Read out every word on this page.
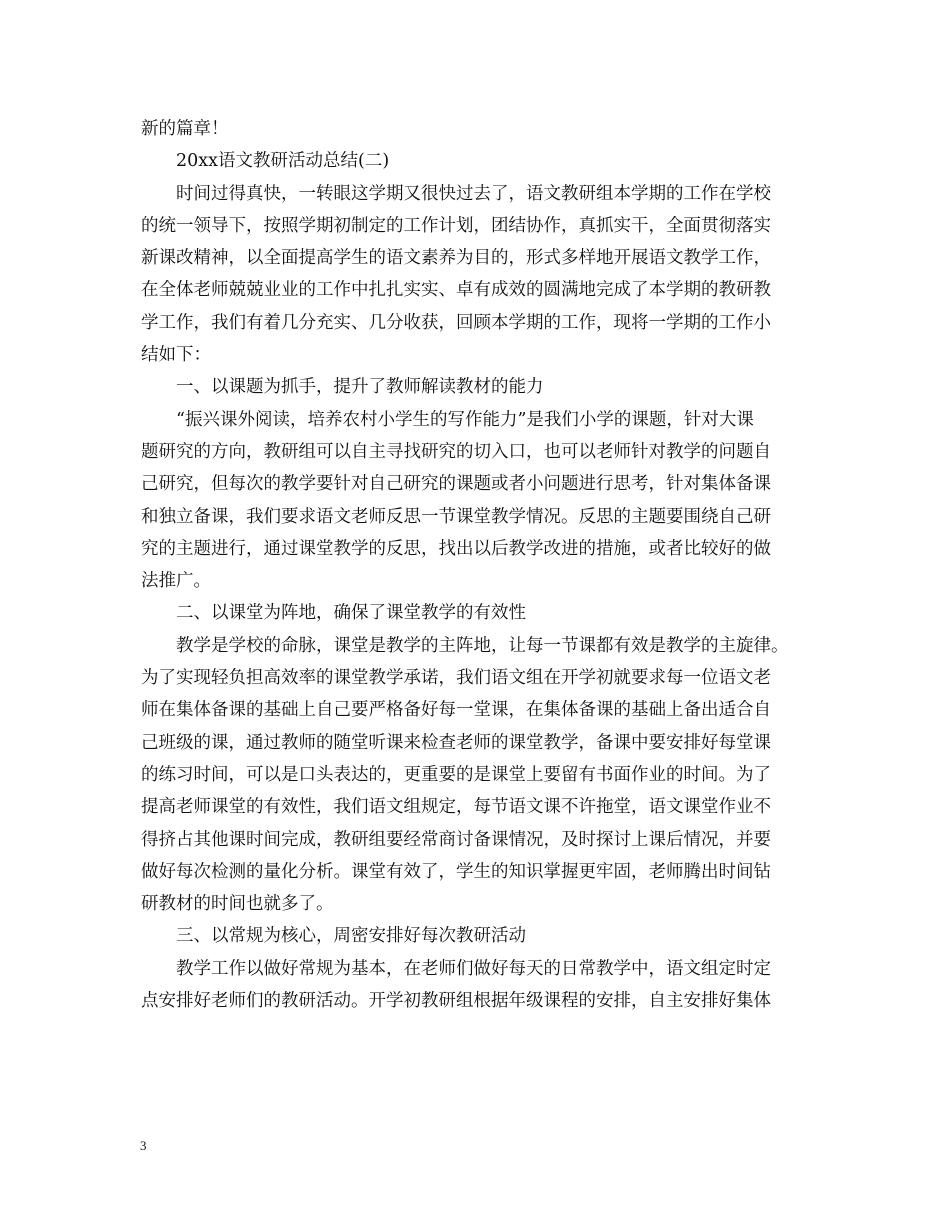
新的篇章！
20xx语文教研活动总结(二)
时间过得真快，一转眼这学期又很快过去了，语文教研组本学期的工作在学校
的统一领导下，按照学期初制定的工作计划，团结协作，真抓实干，全面贯彻落实
新课改精神，以全面提高学生的语文素养为目的，形式多样地开展语文教学工作，
在全体老师兢兢业业的工作中扎扎实实、卓有成效的圆满地完成了本学期的教研教
学工作，我们有着几分充实、几分收获，回顾本学期的工作，现将一学期的工作小
结如下：
一、以课题为抓手，提升了教师解读教材的能力
“振兴课外阅读，培养农村小学生的写作能力”是我们小学的课题，针对大课
题研究的方向，教研组可以自主寻找研究的切入口，也可以老师针对教学的问题自
己研究，但每次的教学要针对自己研究的课题或者小问题进行思考，针对集体备课
和独立备课，我们要求语文老师反思一节课堂教学情况。反思的主题要围绕自己研
究的主题进行，通过课堂教学的反思，找出以后教学改进的措施，或者比较好的做
法推广。
二、以课堂为阵地，确保了课堂教学的有效性
教学是学校的命脉，课堂是教学的主阵地，让每一节课都有效是教学的主旋律。
为了实现轻负担高效率的课堂教学承诺，我们语文组在开学初就要求每一位语文老
师在集体备课的基础上自己要严格备好每一堂课，在集体备课的基础上备出适合自
己班级的课，通过教师的随堂听课来检查老师的课堂教学，备课中要安排好每堂课
的练习时间，可以是口头表达的，更重要的是课堂上要留有书面作业的时间。为了
提高老师课堂的有效性，我们语文组规定，每节语文课不许拖堂，语文课堂作业不
得挤占其他课时间完成，教研组要经常商讨备课情况，及时探讨上课后情况，并要
做好每次检测的量化分析。课堂有效了，学生的知识掌握更牢固，老师腾出时间钻
研教材的时间也就多了。
三、以常规为核心，周密安排好每次教研活动
教学工作以做好常规为基本，在老师们做好每天的日常教学中，语文组定时定
点安排好老师们的教研活动。开学初教研组根据年级课程的安排，自主安排好集体
3
